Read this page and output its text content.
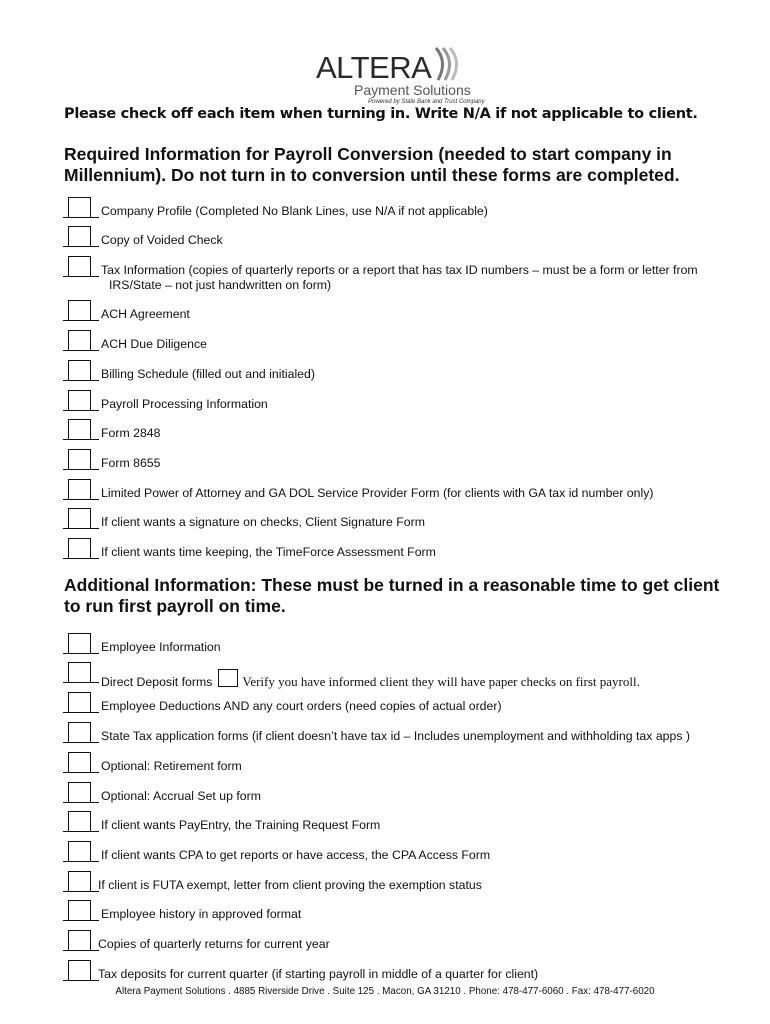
ALTERA
Payment Solutions
Powered by State Bank and Trust Company
Please check off each item when turning in. Write N/A if not applicable to client.
Required Information for Payroll Conversion (needed to start company in Millennium). Do not turn in to conversion until these forms are completed.
Company Profile (Completed No Blank Lines, use N/A if not applicable)
Copy of Voided Check
Tax Information (copies of quarterly reports or a report that has tax ID numbers – must be a form or letter from
IRS/State – not just handwritten on form)
ACH Agreement
ACH Due Diligence
Billing Schedule (filled out and initialed)
Payroll Processing Information
Form 2848
Form 8655
Limited Power of Attorney and GA DOL Service Provider Form (for clients with GA tax id number only)
If client wants a signature on checks, Client Signature Form
If client wants time keeping, the TimeForce Assessment Form
Additional Information: These must be turned in a reasonable time to get client to run first payroll on time.
Employee Information
Direct Deposit forms Verify you have informed client they will have paper checks on first payroll.
Employee Deductions AND any court orders (need copies of actual order)
State Tax application forms (if client doesn’t have tax id – Includes unemployment and withholding tax apps )
Optional: Retirement form
Optional: Accrual Set up form
If client wants PayEntry, the Training Request Form
If client wants CPA to get reports or have access, the CPA Access Form
If client is FUTA exempt, letter from client proving the exemption status
Employee history in approved format
Copies of quarterly returns for current year
Tax deposits for current quarter (if starting payroll in middle of a quarter for client)
Altera Payment Solutions . 4885 Riverside Drive . Suite 125 . Macon, GA 31210 . Phone: 478-477-6060 . Fax: 478-477-6020
